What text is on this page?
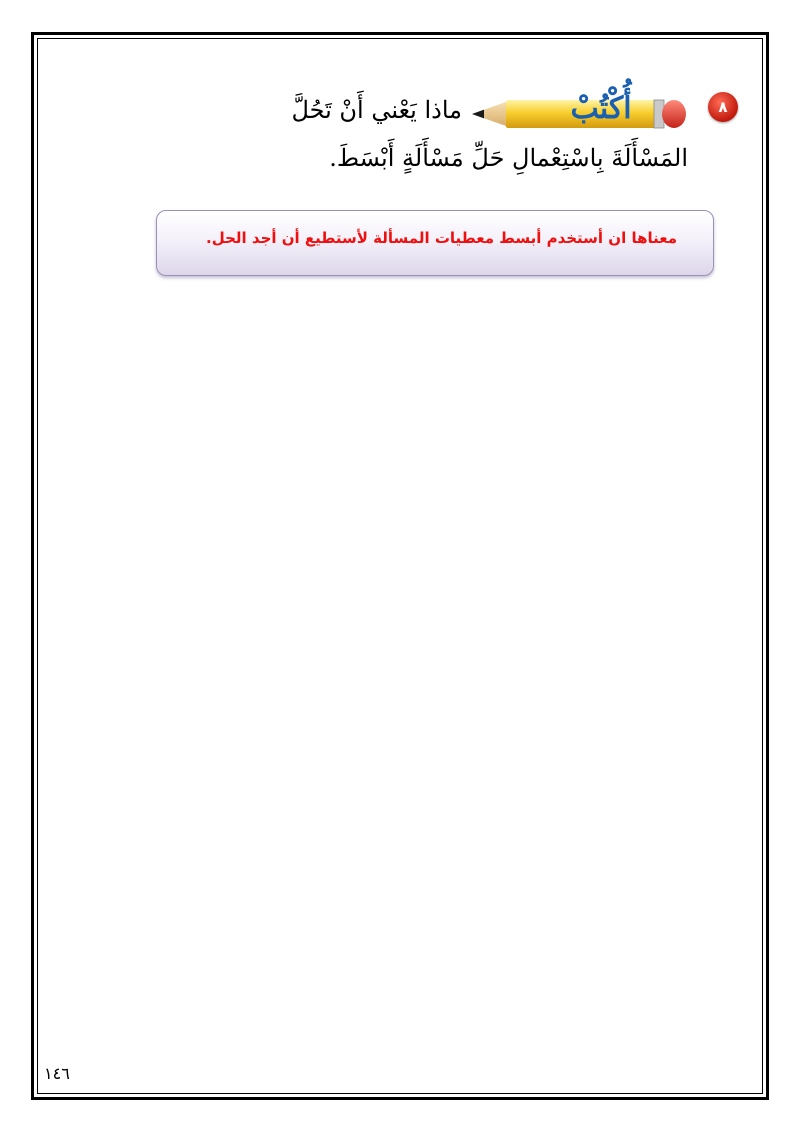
٨
أُكْتُبْ
ماذا يَعْني أَنْ تَحُلَّ
المَسْأَلَةَ بِاسْتِعْمالِ حَلِّ مَسْأَلَةٍ أَبْسَطَ.
معناها ان أستخدم أبسط معطيات المسألة لأستطيع أن أجد الحل.
١٤٦
